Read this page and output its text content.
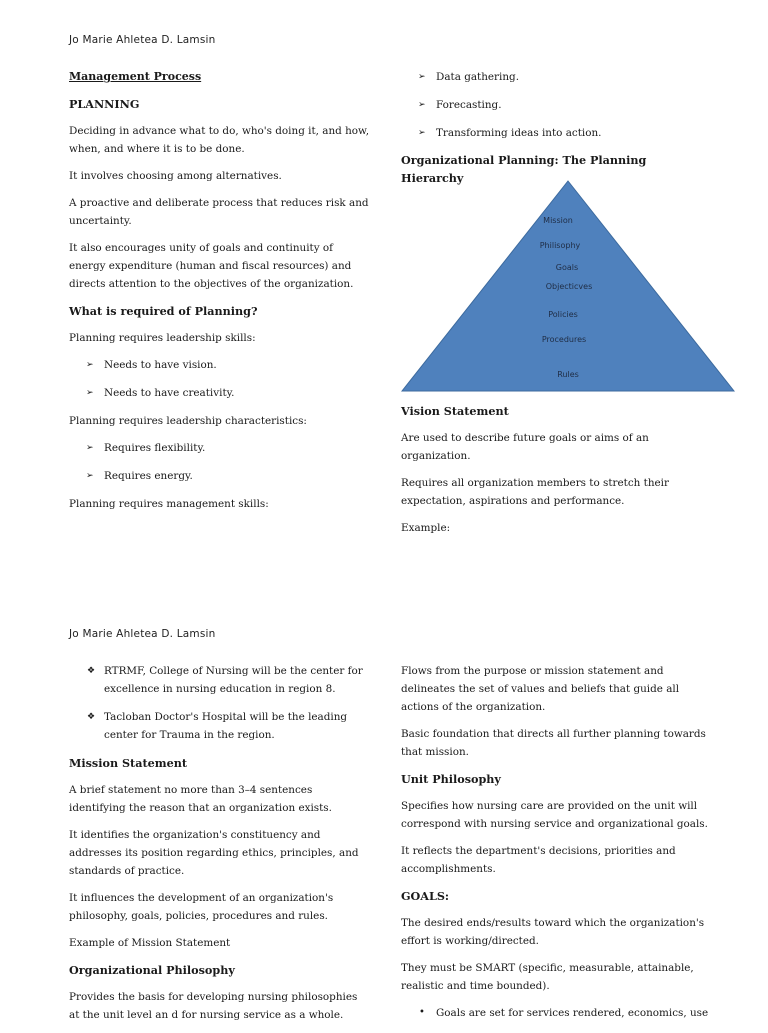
Jo Marie Ahletea D. Lamsin
Management Process
PLANNING

Deciding in advance what to do, who's doing it, and how, when, and where it is to be done.

It involves choosing among alternatives.

A proactive and deliberate process that reduces risk and uncertainty.

It also encourages unity of goals and continuity of energy expenditure (human and fiscal resources) and directs attention to the objectives of the organization.

What is required of Planning?

Planning requires leadership skills:

➢ Needs to have vision.
➢ Needs to have creativity.

Planning requires leadership characteristics:

➢ Requires flexibility.
➢ Requires energy.

Planning requires management skills:

➢ Data gathering.
➢ Forecasting.
➢ Transforming ideas into action.
Organizational Planning: The Planning Hierarchy
Mission
Philisophy
Goals
Objecticves
Policies
Procedures
Rules
Vision Statement

Are used to describe future goals or aims of an organization.

Requires all organization members to stretch their expectation, aspirations and performance.

Example:

Jo Marie Ahletea D. Lamsin
❖ RTRMF, College of Nursing will be the center for excellence in nursing education in region 8.
❖ Tacloban Doctor's Hospital will be the leading center for Trauma in the region.
Mission Statement

A brief statement no more than 3–4 sentences identifying the reason that an organization exists.

It identifies the organization's constituency and addresses its position regarding ethics, principles, and standards of practice.

It influences the development of an organization's philosophy, goals, policies, procedures and rules.

Example of Mission Statement

Organizational Philosophy

Provides the basis for developing nursing philosophies at the unit level an d for nursing service as a whole.

Flows from the purpose or mission statement and delineates the set of values and beliefs that guide all actions of the organization.

Basic foundation that directs all further planning towards that mission.

Unit Philosophy

Specifies how nursing care are provided on the unit will correspond with nursing service and organizational goals.

It reflects the department's decisions, priorities and accomplishments.

GOALS:

The desired ends/results toward which the organization's effort is working/directed.

They must be SMART (specific, measurable, attainable, realistic and time bounded).

• Goals are set for services rendered, economics, use
